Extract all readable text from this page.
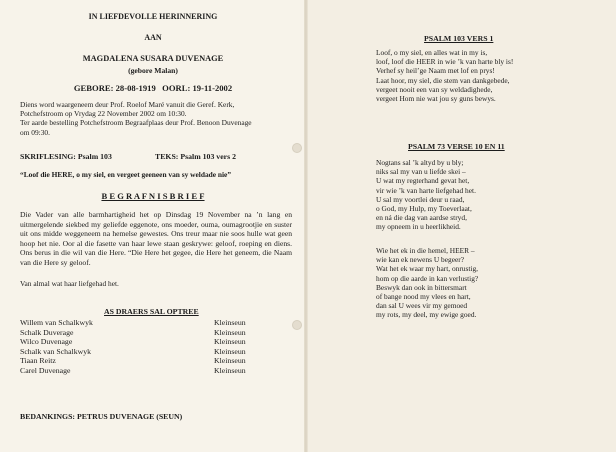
IN LIEFDEVOLLE HERINNERING

AAN

MAGDALENA SUSARA DUVENAGE

(gebore Malan)

GEBORE: 28-08-1919   OORL: 19-11-2002

Diens word waargeneem deur Prof. Roelof Maré vanuit die Geref. Kerk,
Potchefstroom op Vrydag 22 November 2002 om 10:30.
Ter aarde bestelling Potchefstroom Begraafplaas deur Prof. Benoon Duvenage
om 09:30.

SKRIFLESING: Psalm 103	TEKS: Psalm 103 vers 2

“Loof die HERE, o my siel, en vergeet geeneen van sy weldade nie”

B E G R A F N I S B R I E F

Die Vader van alle barmhartigheid het op Dinsdag 19 November na ’n lang en uitmergelende siekbed my geliefde eggenote, ons moeder, ouma, oumagrootjie en suster uit ons midde weggeneem na hemelse gewestes. Ons treur maar nie soos hulle wat geen hoop het nie. Oor al die fasette van haar lewe staan geskrywe: geloof, roeping en diens. Ons berus in die wil van die Here. “Die Here het gegee, die Here het geneem, die Naam van die Here sy geloof.

Van almal wat haar liefgehad het.

AS DRAERS SAL OPTREE

Willem van Schalkwyk
Schalk Duverage
Wilco Duvenage
Schalk van Schalkwyk
Tiaan Reitz
Carel Duvenage
Kleinseun
Kleinseun
Kleinseun
Kleinseun
Kleinseun
Kleinseun

BEDANKINGS: PETRUS DUVENAGE (SEUN)

PSALM 103 VERS 1

Loof, o my siel, en alles wat in my is,
loof, loof die HEER in wie ’k van harte bly is!
Verhef sy heil’ge Naam met lof en prys!
Laat hoor, my siel, die stem van dankgebede,
vergeet nooit een van sy weldadighede,
vergeet Hom nie wat jou sy guns bewys.

PSALM 73 VERSE 10 EN 11

Nogtans sal ’k altyd by u bly;
niks sal my van u liefde skei –
U wat my regterhand gevat het,
vir wie ’k van harte liefgehad het.
U sal my voortlei deur u raad,
o God, my Hulp, my Toeverlaat,
en ná die dag van aardse stryd,
my opneem in u heerlikheid.
Wie het ek in die hemel, HEER –
wie kan ek newens U begeer?
Wat het ek waar my hart, onrustig,
hom op die aarde in kan verlustig?
Beswyk dan ook in bittersmart
of bange nood my vlees en hart,
dan sal U wees vir my gemoed
my rots, my deel, my ewige goed.
